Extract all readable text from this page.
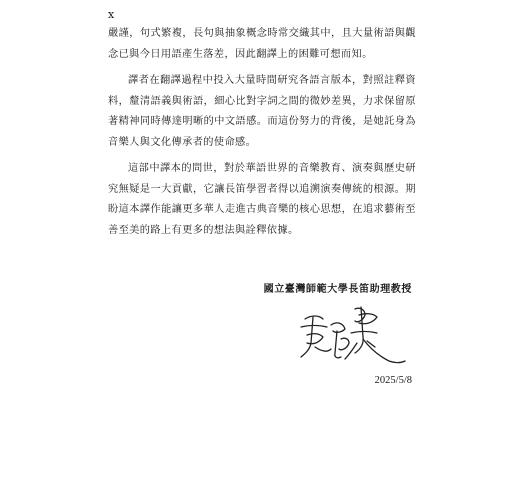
x

嚴謹，句式繁複，長句與抽象概念時常交織其中，且大量術語與觀念已與今日用語產生落差，因此翻譯上的困難可想而知。

譯者在翻譯過程中投入大量時間研究各語言版本，對照註釋資料，釐清語義與術語，細心比對字詞之間的微妙差異，力求保留原著精神同時傳達明晰的中文語感。而這份努力的背後，是她託身為音樂人與文化傳承者的使命感。

這部中譯本的問世，對於華語世界的音樂教育、演奏與歷史研究無疑是一大貢獻，它讓長笛學習者得以追溯演奏傳統的根源。期盼這本譯作能讓更多華人走進古典音樂的核心思想，在追求藝術至善至美的路上有更多的想法與詮釋依據。

國立臺灣師範大學長笛助理教授
2025/5/8
